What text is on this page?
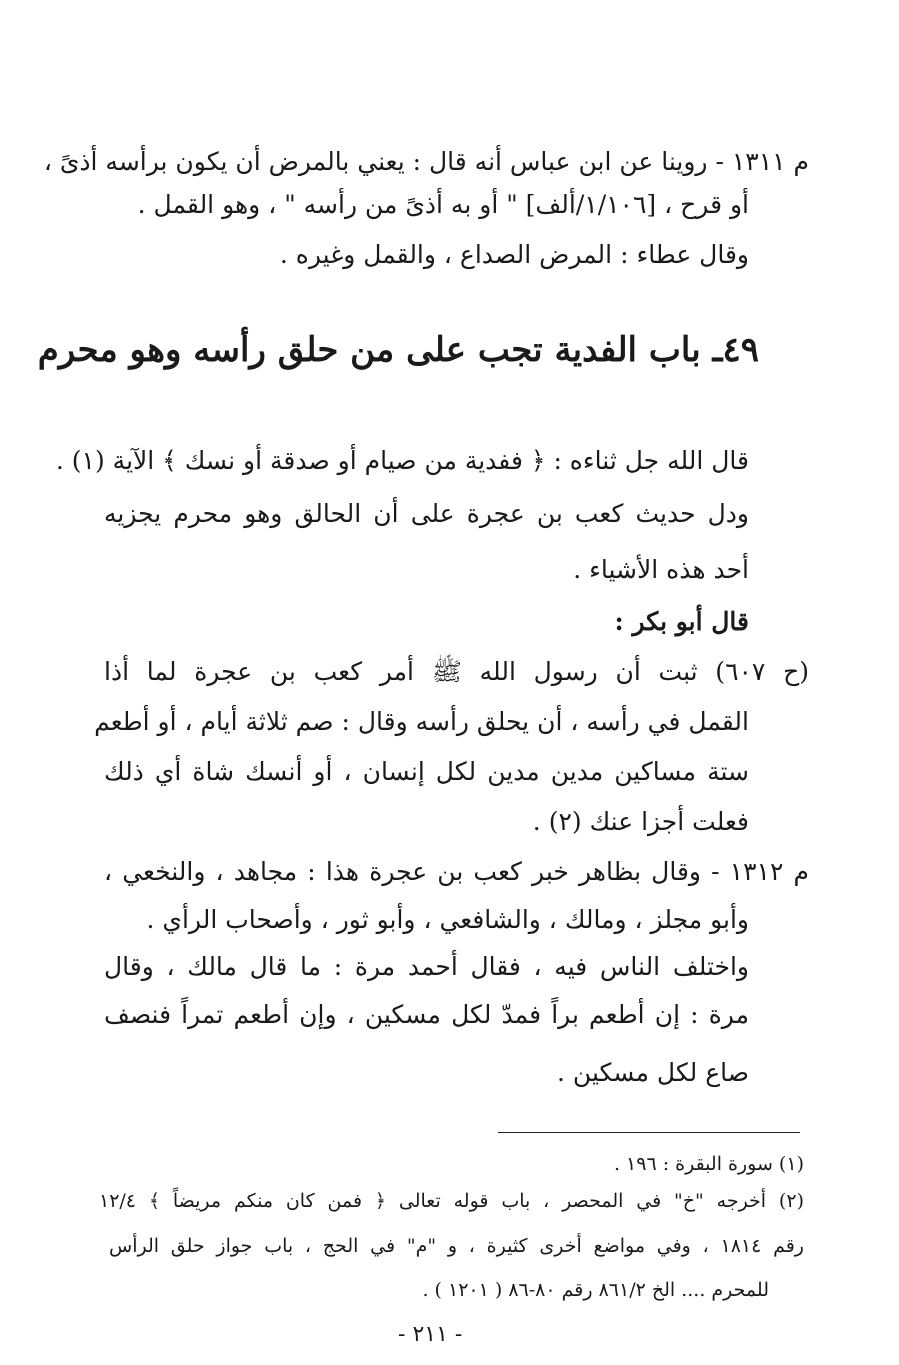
م ١٣١١ - روينا عن ابن عباس أنه قال : يعني بالمرض أن يكون برأسه أذىً ،
أو قرح ، [١/١٠٦/ألف] " أو به أذىً من رأسه " ، وهو القمل .
وقال عطاء : المرض الصداع ، والقمل وغيره .
٤٩ـ باب الفدية تجب على من حلق رأسه وهو محرم
قال الله جل ثناءه : ﴿ ففدية من صيام أو صدقة أو نسك ﴾ الآية (١) .
ودل حديث كعب بن عجرة على أن الحالق وهو محرم يجزيه
أحد هذه الأشياء .
قال أبو بكر :
(ح ٦٠٧) ثبت أن رسول الله ﷺ أمر كعب بن عجرة لما أذا
القمل في رأسه ، أن يحلق رأسه وقال : صم ثلاثة أيام ، أو أطعم
ستة مساكين مدين مدين لكل إنسان ، أو أنسك شاة أي ذلك
فعلت أجزا عنك (٢) .
م ١٣١٢ - وقال بظاهر خبر كعب بن عجرة هذا : مجاهد ، والنخعي ،
وأبو مجلز ، ومالك ، والشافعي ، وأبو ثور ، وأصحاب الرأي .
واختلف الناس فيه ، فقال أحمد مرة : ما قال مالك ، وقال
مرة : إن أطعم براً فمدّ لكل مسكين ، وإن أطعم تمراً فنصف
صاع لكل مسكين .
(١) سورة البقرة : ١٩٦ .
(٢) أخرجه "خ" في المحصر ، باب قوله تعالى ﴿ فمن كان منكم مريضاً ﴾ ١٢/٤
رقم ١٨١٤ ، وفي مواضع أخرى كثيرة ، و "م" في الحج ، باب جواز حلق الرأس
للمحرم .... الخ ٨٦١/٢ رقم ٨٠-٨٦ ( ١٢٠١ ) .
- ٢١١ -
